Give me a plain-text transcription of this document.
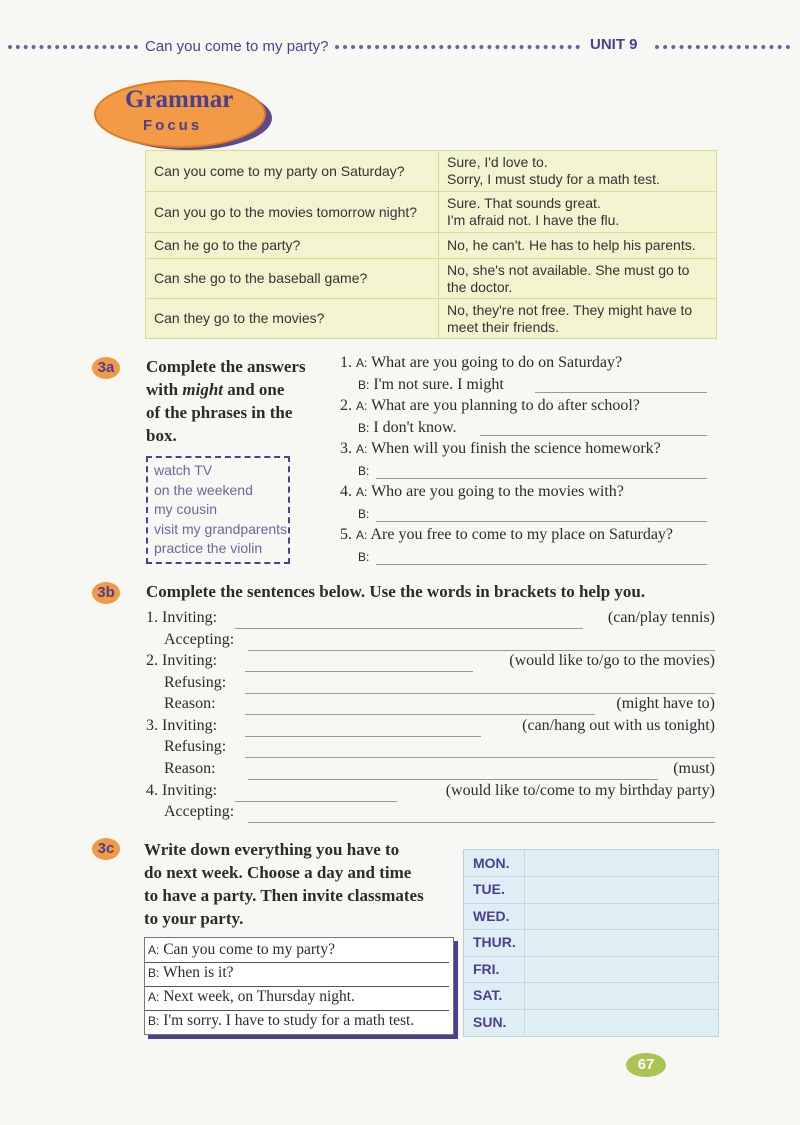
Can you come to my party?	UNIT 9
Grammar
Focus
Can you come to my party on Saturday?	Sure, I'd love to.
Sorry, I must study for a math test.
Can you go to the movies tomorrow night?	Sure. That sounds great.
I'm afraid not. I have the flu.
Can he go to the party?	No, he can't. He has to help his parents.
Can she go to the baseball game?	No, she's not available. She must go to
the doctor.
Can they go to the movies?	No, they're not free. They might have to
meet their friends.
3a	Complete the answers
with might and one
of the phrases in the
box.
watch TV
on the weekend
my cousin
visit my grandparents
practice the violin
1. A: What are you going to do on Saturday?
B: I'm not sure. I might
2. A: What are you planning to do after school?
B: I don't know.
3. A: When will you finish the science homework?
B:
4. A: Who are you going to the movies with?
B:
5. A: Are you free to come to my place on Saturday?
B:
3b	Complete the sentences below. Use the words in brackets to help you.
1. Inviting:	(can/play tennis)
Accepting:
2. Inviting:	(would like to/go to the movies)
Refusing:
Reason:	(might have to)
3. Inviting:	(can/hang out with us tonight)
Refusing:
Reason:	(must)
4. Inviting:	(would like to/come to my birthday party)
Accepting:
3c	Write down everything you have to
do next week. Choose a day and time
to have a party. Then invite classmates
to your party.
A: Can you come to my party?
B: When is it?
A: Next week, on Thursday night.
B: I'm sorry. I have to study for a math test.
MON.
TUE.
WED.
THUR.
FRI.
SAT.
SUN.
67
